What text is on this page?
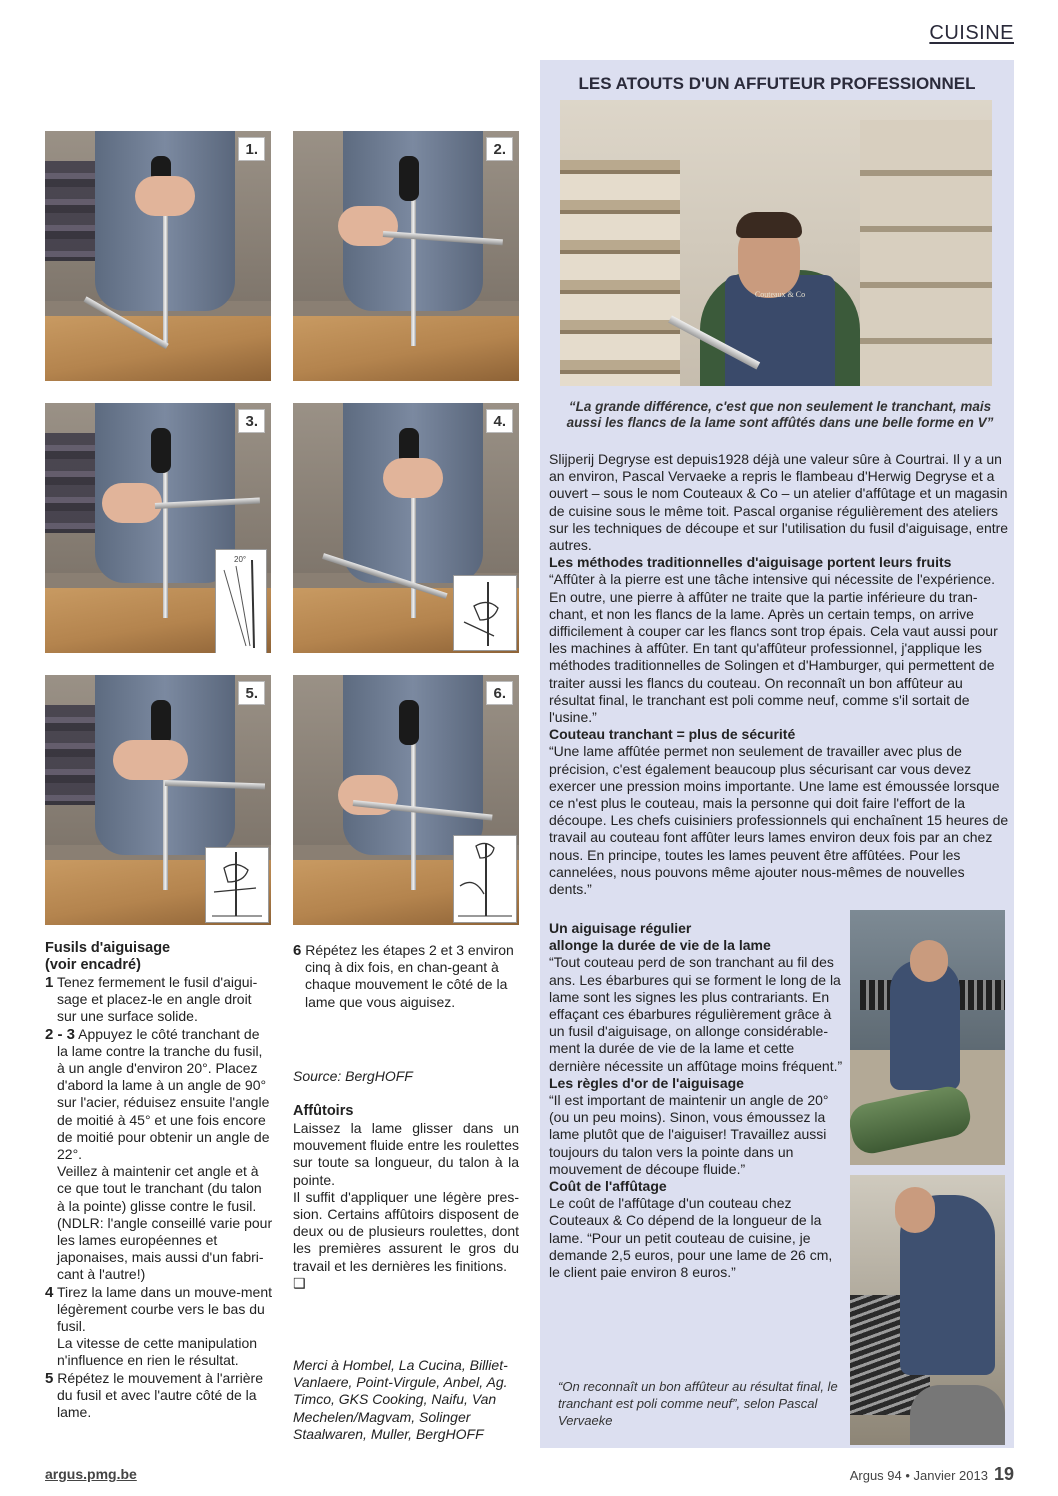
CUISINE
1.	2.
3.
20°
4.
5.	6.
Fusils d'aiguisage
(voir encadré)

1 Tenez fermement le fusil d'aigui-sage et placez-le en angle droit sur une surface solide.

2 - 3 Appuyez le côté tranchant de la lame contre la tranche du fusil, à un angle d'environ 20°. Placez d'abord la lame à un angle de 90° sur l'acier, réduisez ensuite l'angle de moitié à 45° et une fois encore de moitié pour obtenir un angle de 22°.

Veillez à maintenir cet angle et à ce que tout le tranchant (du talon à la pointe) glisse contre le fusil.

(NDLR: l'angle conseillé varie pour les lames européennes et japonaises, mais aussi d'un fabri-cant à l'autre!)

4 Tirez la lame dans un mouve-ment légèrement courbe vers le bas du fusil.

La vitesse de cette manipulation n'influence en rien le résultat.

5 Répétez le mouvement à l'arrière du fusil et avec l'autre côté de la lame.

6 Répétez les étapes 2 et 3 environ cinq à dix fois, en chan-geant à chaque mouvement le côté de la lame que vous aiguisez.

Source: BergHOFF
Affûtoirs

Laissez la lame glisser dans un mouvement fluide entre les roulettes sur toute sa longueur, du talon à la pointe.

Il suffit d'appliquer une légère pres-sion. Certains affûtoirs disposent de deux ou de plusieurs roulettes, dont les premières assurent le gros du travail et les dernières les finitions.

❑
Merci à Hombel, La Cucina, Billiet-Vanlaere, Point-Virgule, Anbel, Ag. Timco, GKS Cooking, Naifu, Van Mechelen/Magvam, Solinger Staalwaren, Muller, BergHOFF
LES ATOUTS D'UN AFFUTEUR PROFESSIONNEL
Couteaux & Co
“La grande différence, c'est que non seulement le tranchant, mais aussi les flancs de la lame sont affûtés dans une belle forme en V”

Slijperij Degryse est depuis1928 déjà une valeur sûre à Courtrai. Il y a un an environ, Pascal Vervaeke a repris le flambeau d'Herwig Degryse et a ouvert – sous le nom Couteaux & Co – un atelier d'affûtage et un magasin de cuisine sous le même toit. Pascal organise régulièrement des ateliers sur les techniques de découpe et sur l'utilisation du fusil d'aiguisage, entre autres.

Les méthodes traditionnelles d'aiguisage portent leurs fruits

“Affûter à la pierre est une tâche intensive qui nécessite de l'expérience. En outre, une pierre à affûter ne traite que la partie inférieure du tran-chant, et non les flancs de la lame. Après un certain temps, on arrive difficilement à couper car les flancs sont trop épais. Cela vaut aussi pour les machines à affûter. En tant qu'affûteur professionnel, j'applique les méthodes traditionnelles de Solingen et d'Hamburger, qui permettent de traiter aussi les flancs du couteau. On reconnaît un bon affûteur au résultat final, le tranchant est poli comme neuf, comme s'il sortait de l'usine.”

Couteau tranchant = plus de sécurité

“Une lame affûtée permet non seulement de travailler avec plus de précision, c'est également beaucoup plus sécurisant car vous devez exercer une pression moins importante. Une lame est émoussée lorsque ce n'est plus le couteau, mais la personne qui doit faire l'effort de la découpe. Les chefs cuisiniers professionnels qui enchaînent 15 heures de travail au couteau font affûter leurs lames environ deux fois par an chez nous. En principe, toutes les lames peuvent être affûtées. Pour les cannelées, nous pouvons même ajouter nous-mêmes de nouvelles dents.”

Un aiguisage régulier

allonge la durée de vie de la lame

“Tout couteau perd de son tranchant au fil des ans. Les ébarbures qui se forment le long de la lame sont les signes les plus contrariants. En effaçant ces ébarbures régulièrement grâce à un fusil d'aiguisage, on allonge considérable-ment la durée de vie de la lame et cette dernière nécessite un affûtage moins fréquent.”

Les règles d'or de l'aiguisage

“Il est important de maintenir un angle de 20° (ou un peu moins). Sinon, vous émoussez la lame plutôt que de l'aiguiser! Travaillez aussi toujours du talon vers la pointe dans un mouvement de découpe fluide.”

Coût de l'affûtage

Le coût de l'affûtage d'un couteau chez Couteaux & Co dépend de la longueur de la lame. “Pour un petit couteau de cuisine, je demande 2,5 euros, pour une lame de 26 cm, le client paie environ 8 euros.”

“On reconnaît un bon affûteur au résultat final, le tranchant est poli comme neuf”, selon Pascal Vervaeke
argus.pmg.be	Argus 94 • Janvier 2013 19
